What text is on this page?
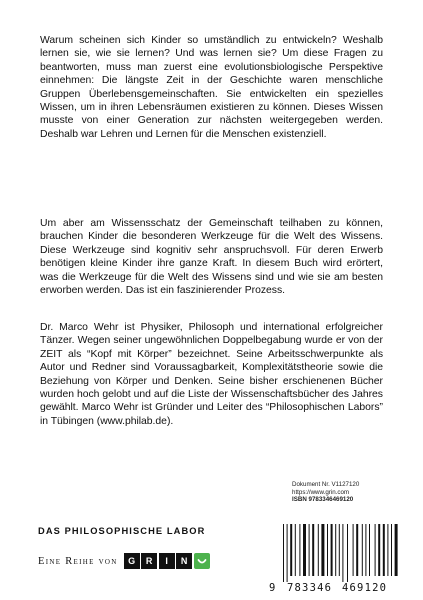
Warum scheinen sich Kinder so umständlich zu entwickeln? Weshalb lernen sie, wie sie lernen? Und was lernen sie? Um diese Fragen zu beantworten, muss man zuerst eine evolutionsbiologische Perspektive einnehmen: Die längste Zeit in der Geschichte waren menschliche Gruppen Überlebensgemeinschaften. Sie entwickelten ein spezielles Wissen, um in ihren Lebensräumen existieren zu können. Dieses Wissen musste von einer Generation zur nächsten weitergegeben werden. Deshalb war Lehren und Lernen für die Menschen existenziell.

Um aber am Wissensschatz der Gemeinschaft teilhaben zu können, brauchen Kinder die besonderen Werkzeuge für die Welt des Wissens. Diese Werkzeuge sind kognitiv sehr anspruchsvoll. Für deren Erwerb benötigen kleine Kinder ihre ganze Kraft. In diesem Buch wird erörtert, was die Werkzeuge für die Welt des Wissens sind und wie sie am besten erworben werden. Das ist ein faszinierender Prozess.

Dr. Marco Wehr ist Physiker, Philosoph und international erfolgreicher Tänzer. Wegen seiner ungewöhnlichen Doppelbegabung wurde er von der ZEIT als “Kopf mit Körper” bezeichnet. Seine Arbeitsschwerpunkte als Autor und Redner sind Voraussagbarkeit, Komplexitätstheorie sowie die Beziehung von Körper und Denken. Seine bisher erschienenen Bücher wurden hoch gelobt und auf die Liste der Wissenschaftsbücher des Jahres gewählt. Marco Wehr ist Gründer und Leiter des “Philosophischen Labors” in Tübingen (www.philab.de).

Dokument Nr. V1127120
https://www.grin.com
ISBN 9783346469120
DAS PHILOSOPHISCHE LABOR
Eine Reihe von	G	R	I	N
9 783346 469120
